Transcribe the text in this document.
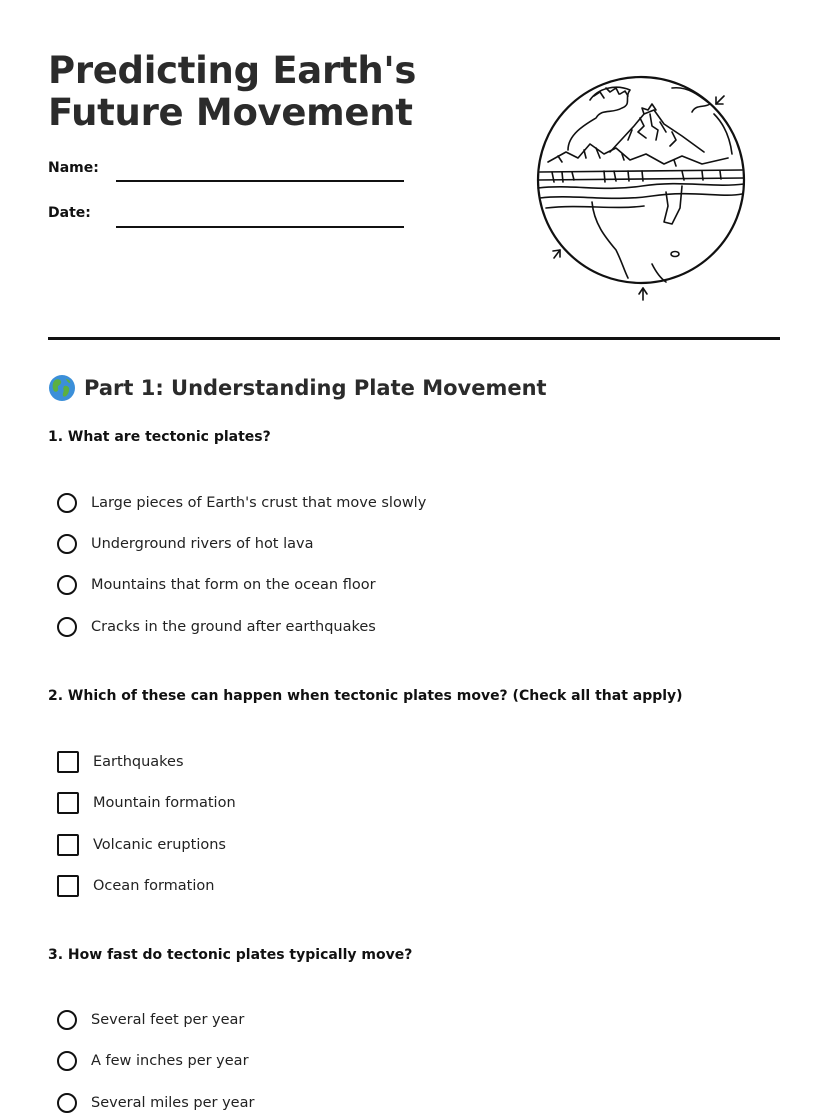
Predicting Earth's
Future Movement
Name:
Date:
Part 1: Understanding Plate Movement

1. What are tectonic plates?

Large pieces of Earth's crust that move slowly
Underground rivers of hot lava
Mountains that form on the ocean floor
Cracks in the ground after earthquakes

2. Which of these can happen when tectonic plates move? (Check all that apply)

Earthquakes
Mountain formation
Volcanic eruptions
Ocean formation

3. How fast do tectonic plates typically move?

Several feet per year
A few inches per year
Several miles per year
